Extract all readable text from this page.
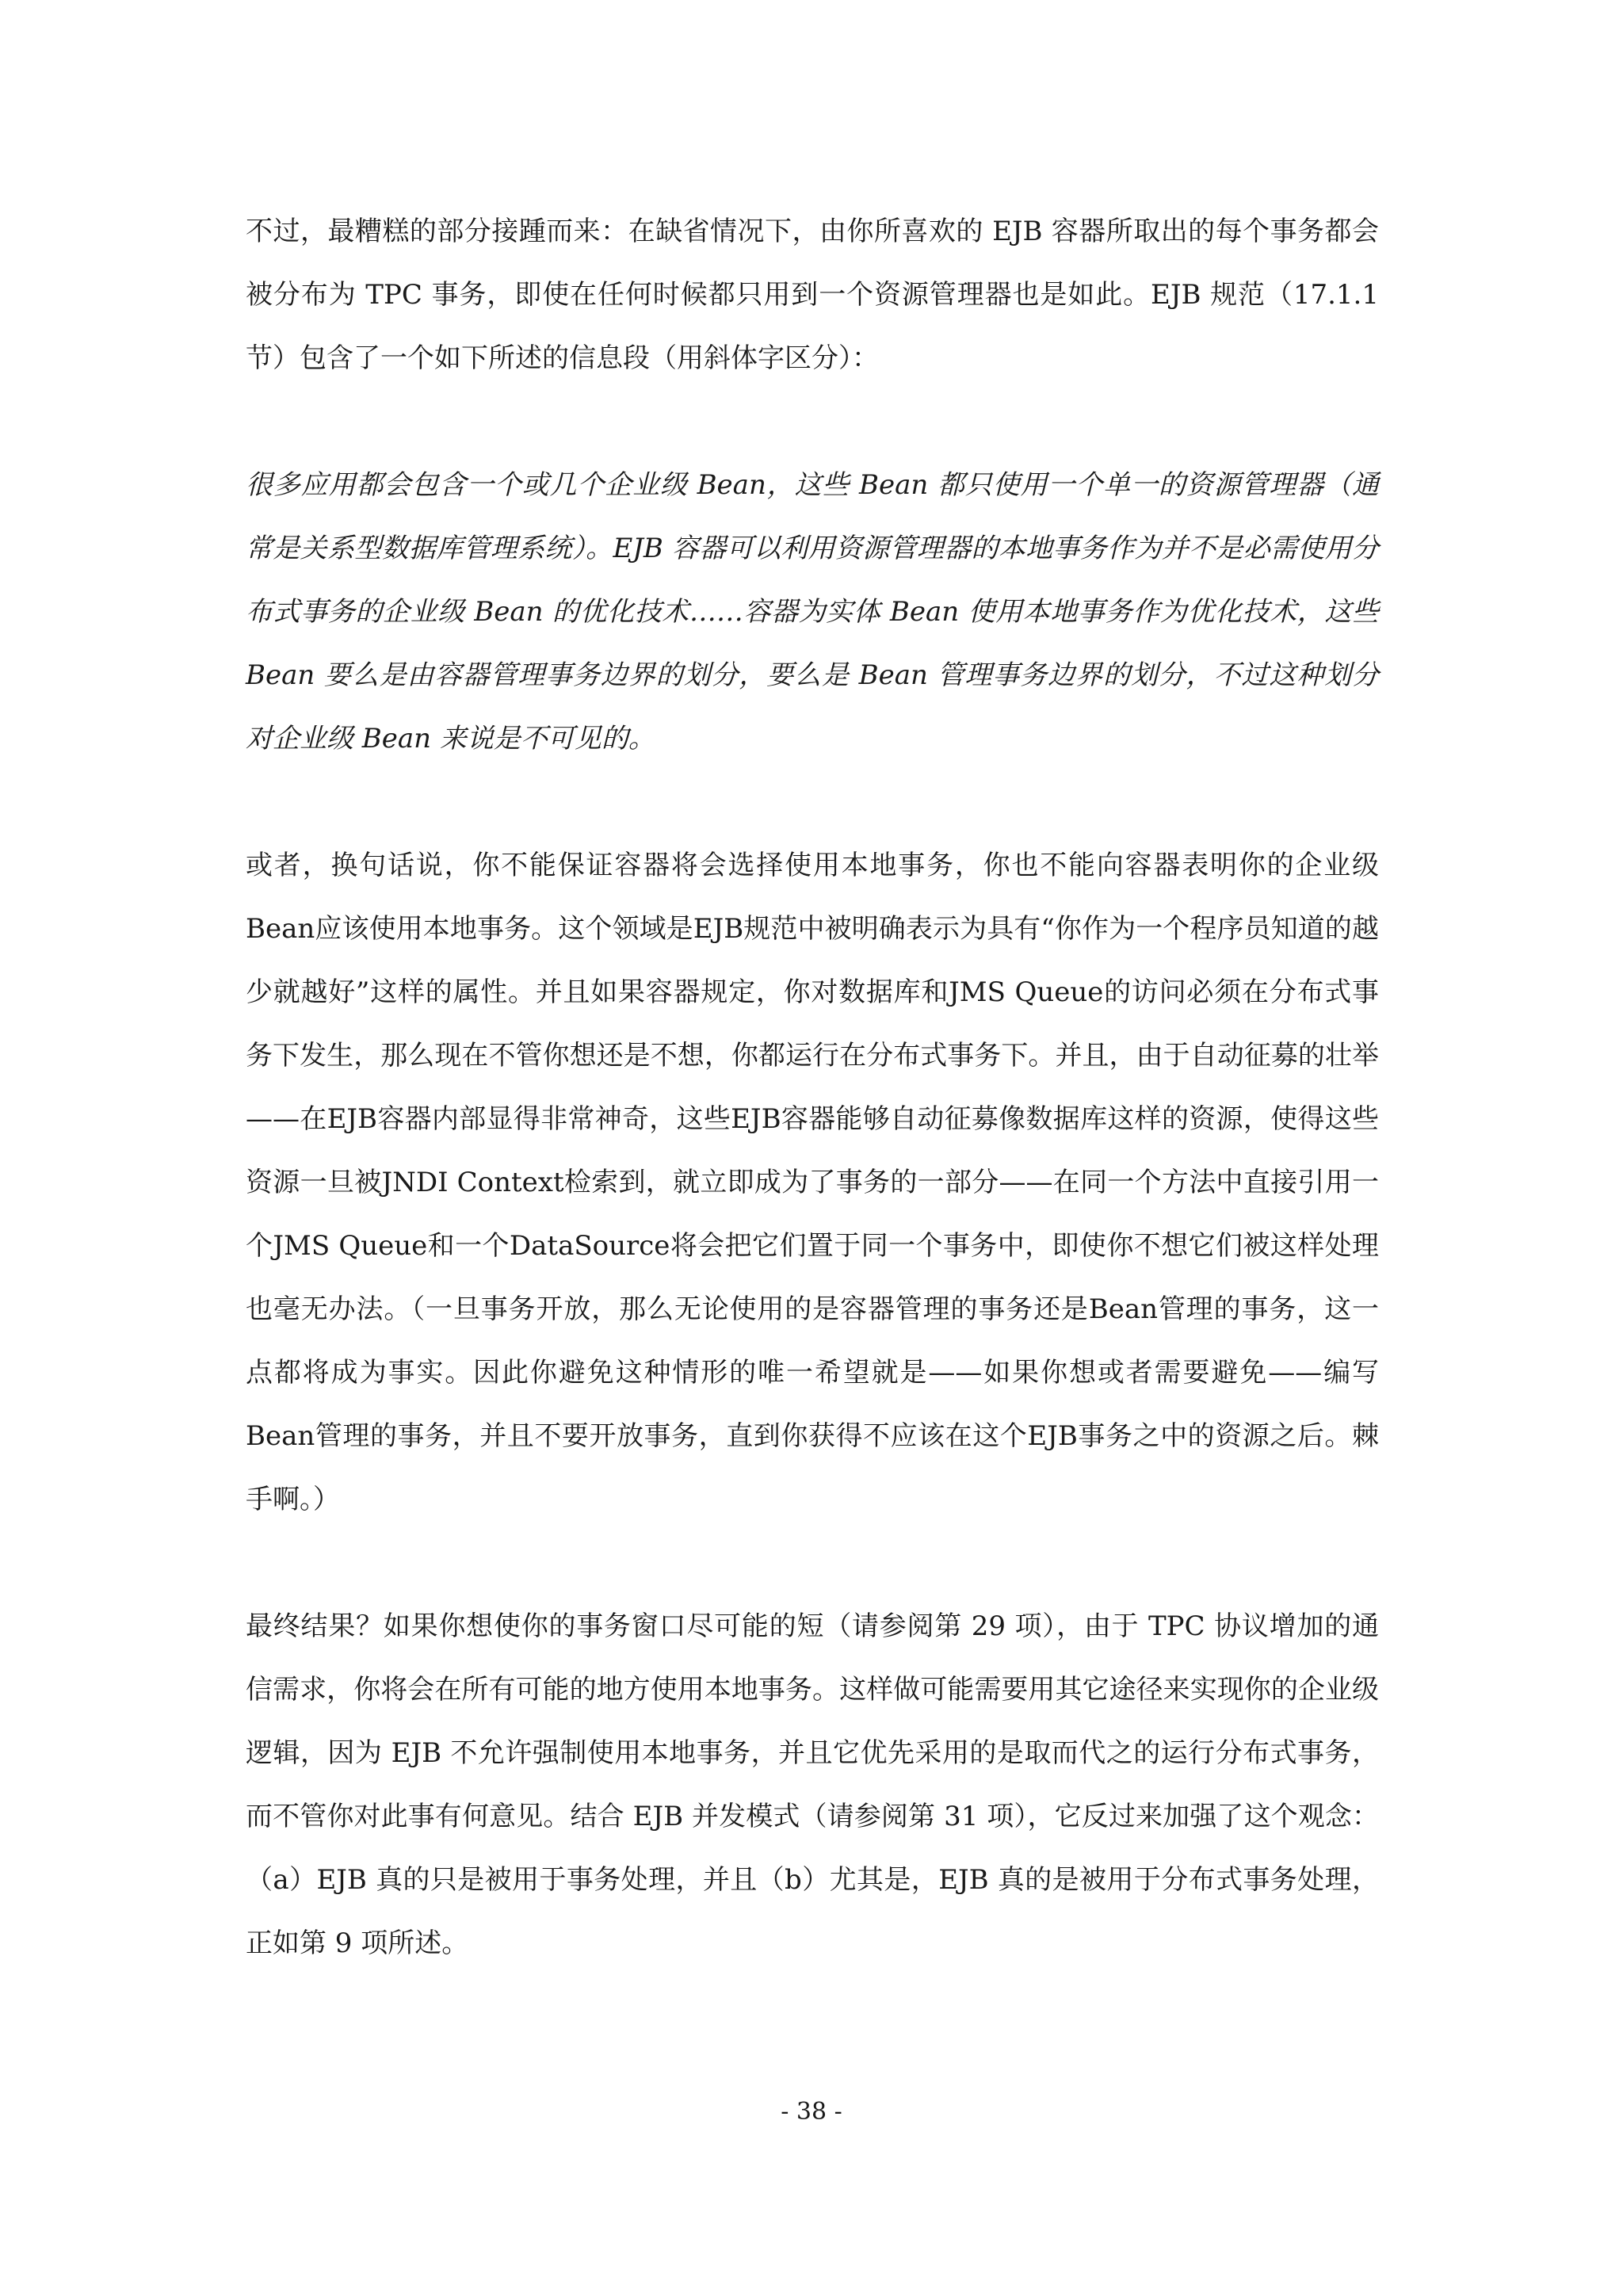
不过，最糟糕的部分接踵而来：在缺省情况下，由你所喜欢的 EJB 容器所取出的每个事务都会被分布为 TPC 事务，即使在任何时候都只用到一个资源管理器也是如此。EJB 规范（17.1.1 节）包含了一个如下所述的信息段（用斜体字区分）：

很多应用都会包含一个或几个企业级 Bean，这些 Bean 都只使用一个单一的资源管理器（通常是关系型数据库管理系统）。EJB 容器可以利用资源管理器的本地事务作为并不是必需使用分布式事务的企业级 Bean 的优化技术……容器为实体 Bean 使用本地事务作为优化技术，这些 Bean 要么是由容器管理事务边界的划分，要么是 Bean 管理事务边界的划分，不过这种划分对企业级 Bean 来说是不可见的。

或者，换句话说，你不能保证容器将会选择使用本地事务，你也不能向容器表明你的企业级Bean应该使用本地事务。这个领域是EJB规范中被明确表示为具有“你作为一个程序员知道的越少就越好”这样的属性。并且如果容器规定，你对数据库和JMS Queue的访问必须在分布式事务下发生，那么现在不管你想还是不想，你都运行在分布式事务下。并且，由于自动征募的壮举——在EJB容器内部显得非常神奇，这些EJB容器能够自动征募像数据库这样的资源，使得这些资源一旦被JNDI Context检索到，就立即成为了事务的一部分——在同一个方法中直接引用一个JMS Queue和一个DataSource将会把它们置于同一个事务中，即使你不想它们被这样处理也毫无办法。（一旦事务开放，那么无论使用的是容器管理的事务还是Bean管理的事务，这一点都将成为事实。因此你避免这种情形的唯一希望就是——如果你想或者需要避免——编写Bean管理的事务，并且不要开放事务，直到你获得不应该在这个EJB事务之中的资源之后。棘手啊。）

最终结果？如果你想使你的事务窗口尽可能的短（请参阅第 29 项），由于 TPC 协议增加的通信需求，你将会在所有可能的地方使用本地事务。这样做可能需要用其它途径来实现你的企业级逻辑，因为 EJB 不允许强制使用本地事务，并且它优先采用的是取而代之的运行分布式事务，而不管你对此事有何意见。结合 EJB 并发模式（请参阅第 31 项），它反过来加强了这个观念：（a）EJB 真的只是被用于事务处理，并且（b）尤其是，EJB 真的是被用于分布式事务处理，正如第 9 项所述。

- 38 -
